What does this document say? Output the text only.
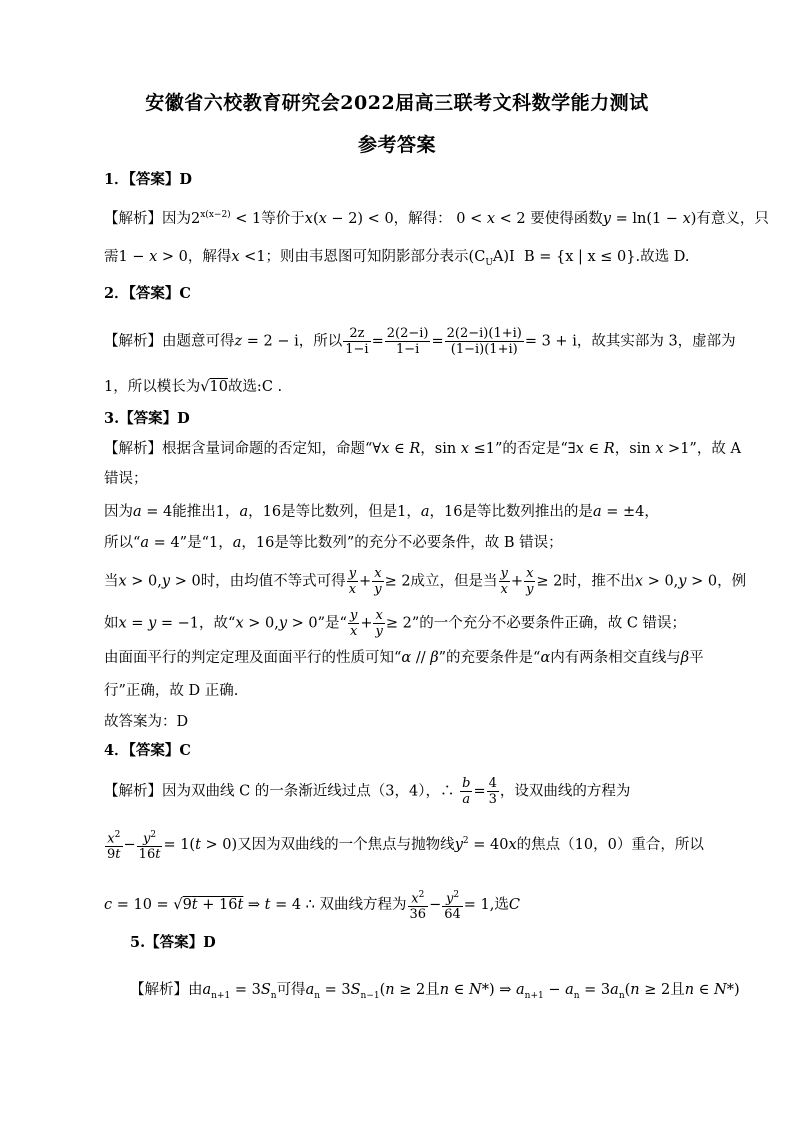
安徽省六校教育研究会2022届高三联考文科数学能力测试
参考答案
1．【答案】D
【解析】因为$2^{x(x-2)} < 1$等价于x(x − 2) < 0，解得： 0 < x < 2 要使得函数y = ln(1 − x)有意义，只
需1 − x > 0，解得x <1；则由韦恩图可知阴影部分表示$(C_UA)I$  B = {x | x ≤ 0}.故选 D.
2．【答案】C
【解析】由题意可得z = 2 − i，所以 $\frac{2z}{1-i} = \frac{2(2-i)}{1-i} = \frac{2(2-i)(1+i)}{(1-i)(1+i)} = 3 + i$，故其实部为 3，虚部为
1，所以模长为√10故选:C .
3.【答案】D
【解析】根据含量词命题的否定知，命题“∀x ∈ R，sin x ≤1”的否定是“∃x ∈ R，sin x >1”，故 A
错误；
因为a = 4能推出1，a，16是等比数列，但是1，a，16是等比数列推出的是a = ±4，
所以“a = 4”是“1，a，16是等比数列”的充分不必要条件，故 B 错误；
当x > 0,y > 0时，由均值不等式可得 $\frac{y}{x} + \frac{x}{y} \ge 2$成立，但是当 $\frac{y}{x} + \frac{x}{y} \ge 2$时，推不出x > 0,y > 0，例
如x = y = −1，故“x > 0,y > 0”是“ $\frac{y}{x} + \frac{x}{y} \ge 2$”的一个充分不必要条件正确，故 C 错误；
由面面平行的判定定理及面面平行的性质可知“α // β”的充要条件是“α内有两条相交直线与β平
行”正确，故 D 正确.
故答案为：D
4．【答案】C
【解析】因为双曲线 C 的一条渐近线过点（3，4），∴ $\frac{b}{a} = \frac{4}{3}$ ，设双曲线的方程为
$\frac{x^2}{9t} - \frac{y^2}{16t} = 1(t > 0)$又因为双曲线的一个焦点与抛物线$y^2 = 40x$的焦点（10，0）重合，所以
c = 10 = √9t + 16t ⇒ t = 4 ∴ 双曲线方程为 $\frac{x^2}{36} - \frac{y^2}{64} = 1$,选C
5.【答案】D
【解析】由$a_{n+1} = 3S_n$可得$a_n = 3S_{n-1}(n \ge 2$且n ∈ N*) ⇒ $a_{n+1} - a_n = 3a_n(n \ge 2$且n ∈ N*)
